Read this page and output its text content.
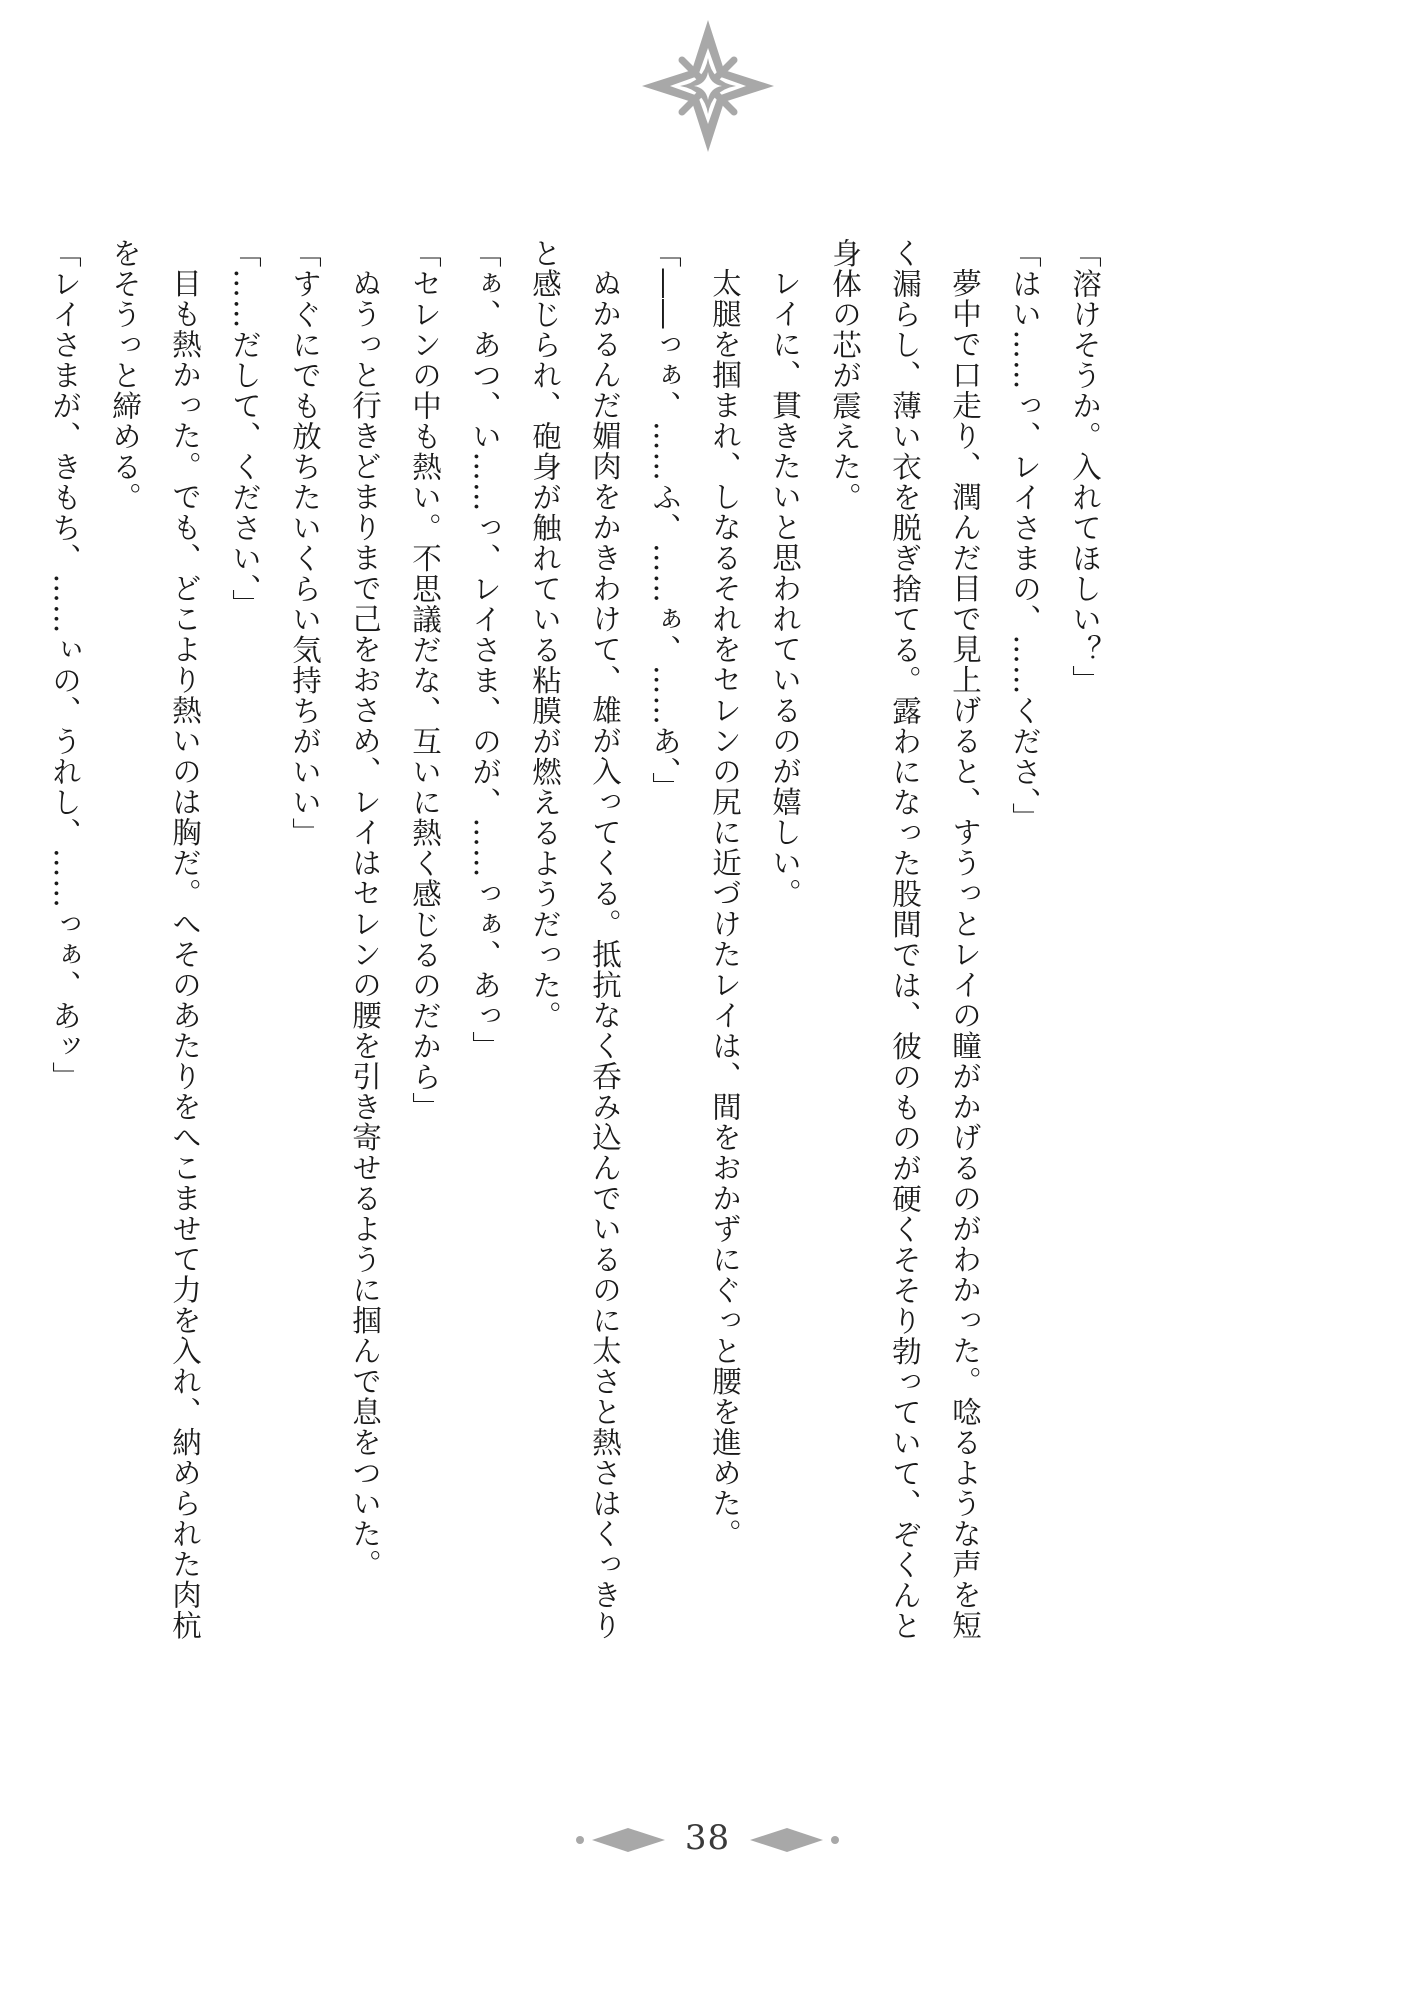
「溶けそうか。入れてほしい？」

「はい……っ、レイさまの、……くださ、」

夢中で口走り、潤んだ目で見上げると、すうっとレイの瞳がかげるのがわかった。唸るような声を短く漏らし、薄い衣を脱ぎ捨てる。露わになった股間では、彼のものが硬くそそり勃っていて、ぞくんと身体の芯が震えた。

レイに、貫きたいと思われているのが嬉しい。

太腿を掴まれ、しなるそれをセレンの尻に近づけたレイは、間をおかずにぐっと腰を進めた。

「――っぁ、……ふ、……ぁ、……あ、」

ぬかるんだ媚肉をかきわけて、雄が入ってくる。抵抗なく呑み込んでいるのに太さと熱さはくっきりと感じられ、砲身が触れている粘膜が燃えるようだった。

「ぁ、あつ、い……っ、レイさま、のが、……っぁ、あっ」

「セレンの中も熱い。不思議だな、互いに熱く感じるのだから」

ぬうっと行きどまりまで己をおさめ、レイはセレンの腰を引き寄せるように掴んで息をついた。

「すぐにでも放ちたいくらい気持ちがいい」

「……だして、ください、」

目も熱かった。でも、どこより熱いのは胸だ。へそのあたりをへこませて力を入れ、納められた肉杭をそうっと締める。

「レイさまが、きもち、……ぃの、うれし、……っぁ、あッ」

38
